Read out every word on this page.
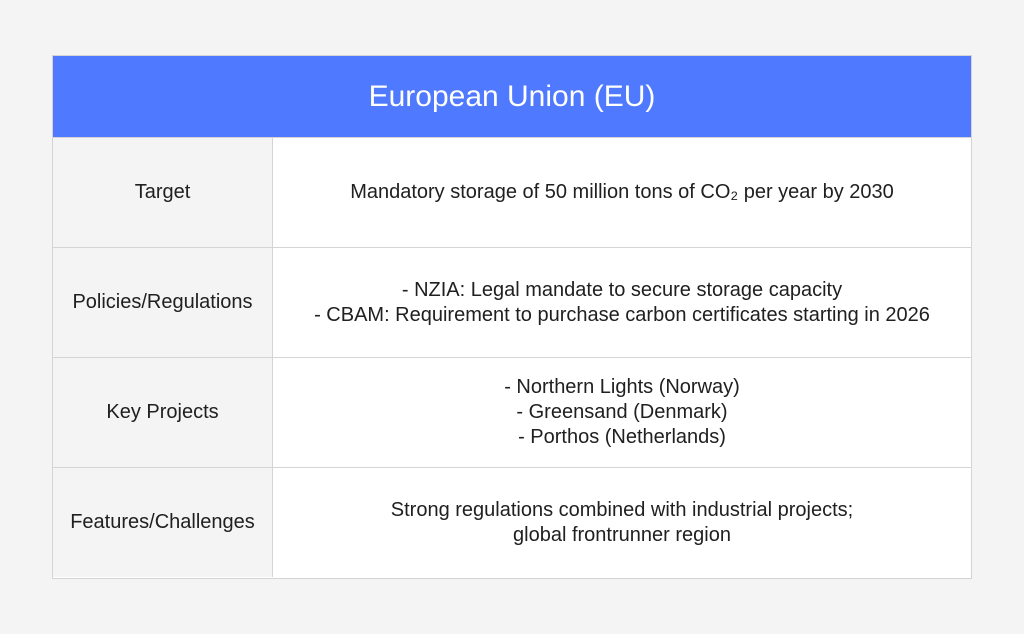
European Union (EU)
Target	Mandatory storage of 50 million tons of CO₂ per year by 2030
Policies/Regulations
- NZIA: Legal mandate to secure storage capacity
- CBAM: Requirement to purchase carbon certificates starting in 2026
Key Projects
- Northern Lights (Norway)
- Greensand (Denmark)
- Porthos (Netherlands)
Features/Challenges
Strong regulations combined with industrial projects;
global frontrunner region
